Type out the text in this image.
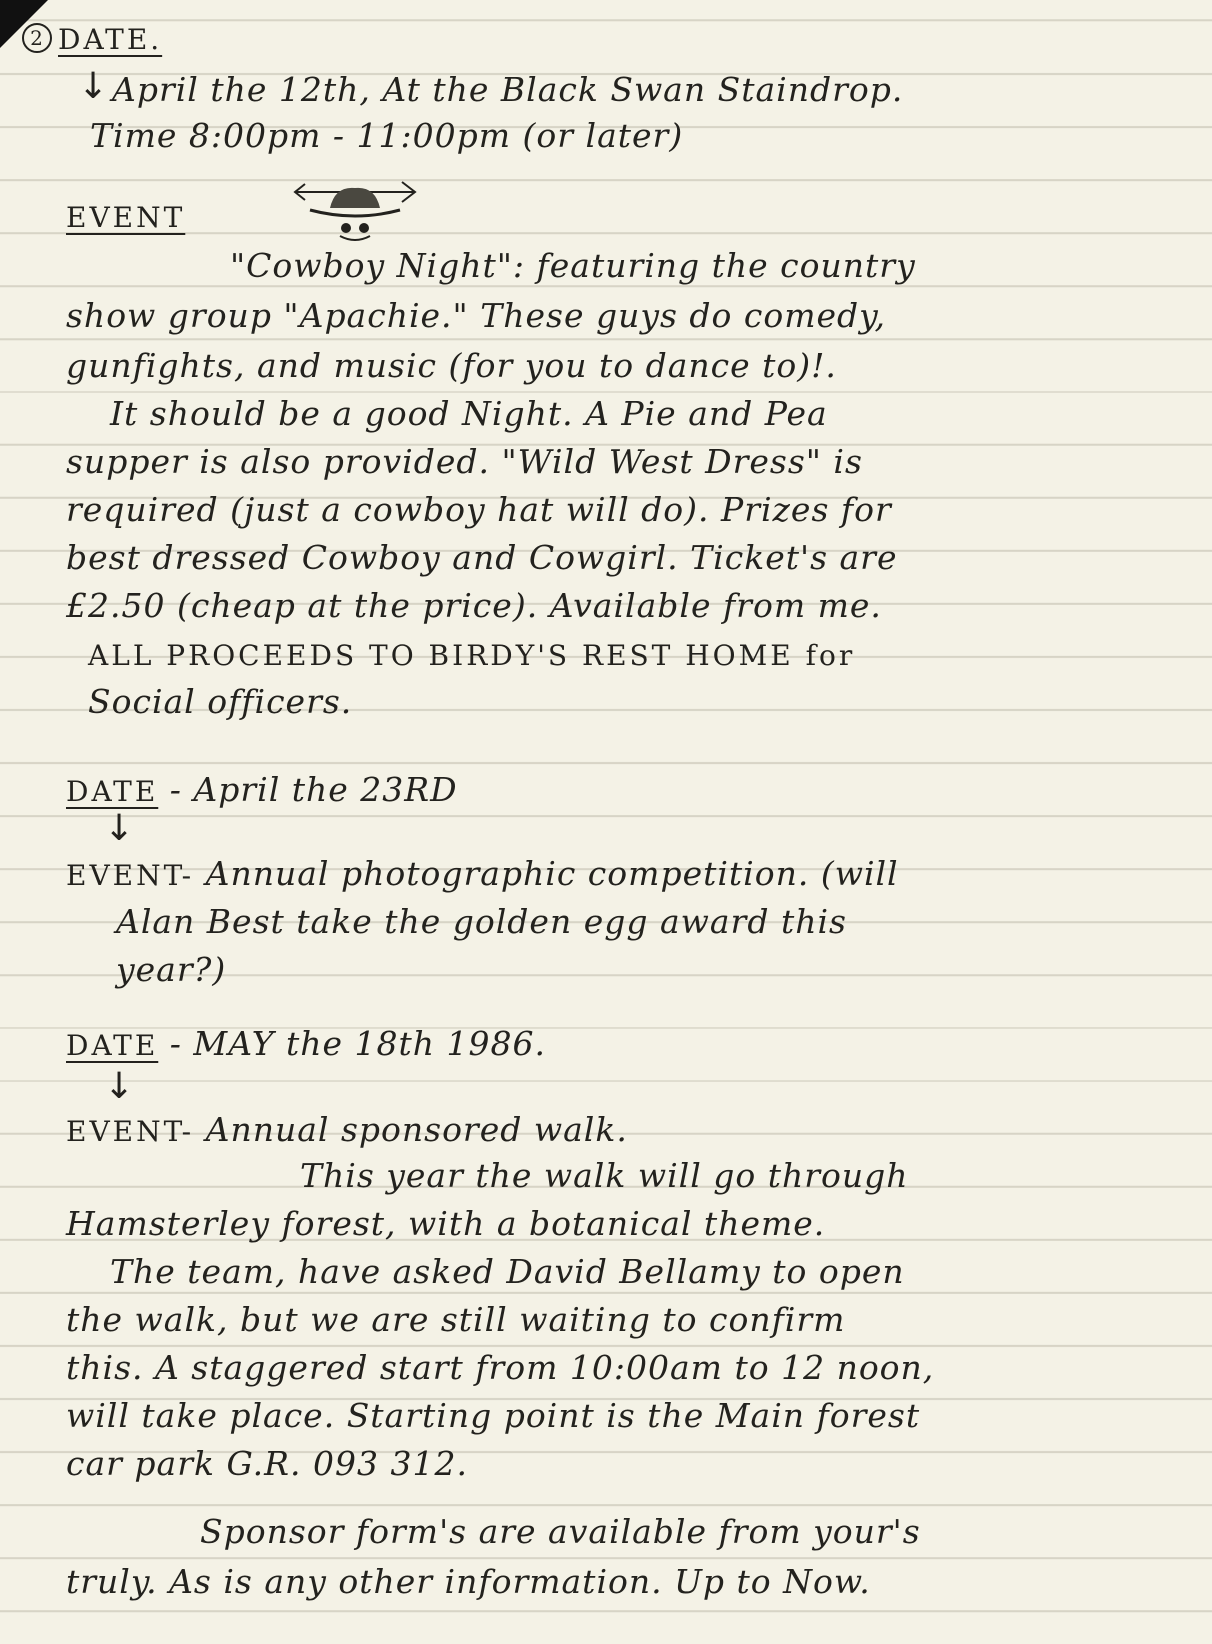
2 DATE.
↓ April the 12th, At the Black Swan Staindrop.
Time 8:00pm - 11:00pm (or later)
EVENT
"Cowboy Night": featuring the country
show group "Apachie." These guys do comedy,
gunfights, and music (for you to dance to)!.
It should be a good Night. A Pie and Pea
supper is also provided. "Wild West Dress" is
required (just a cowboy hat will do). Prizes for
best dressed Cowboy and Cowgirl. Ticket's are
£2.50 (cheap at the price). Available from me.
ALL PROCEEDS TO BIRDY'S REST HOME for
Social officers.
DATE - April the 23RD
↓
EVENT- Annual photographic competition. (will
Alan Best take the golden egg award this
year?)
DATE - MAY the 18th 1986.
↓
EVENT- Annual sponsored walk.
This year the walk will go through
Hamsterley forest, with a botanical theme.
The team, have asked David Bellamy to open
the walk, but we are still waiting to confirm
this. A staggered start from 10:00am to 12 noon,
will take place. Starting point is the Main forest
car park G.R. 093 312.
Sponsor form's are available from your's
truly. As is any other information. Up to Now.
